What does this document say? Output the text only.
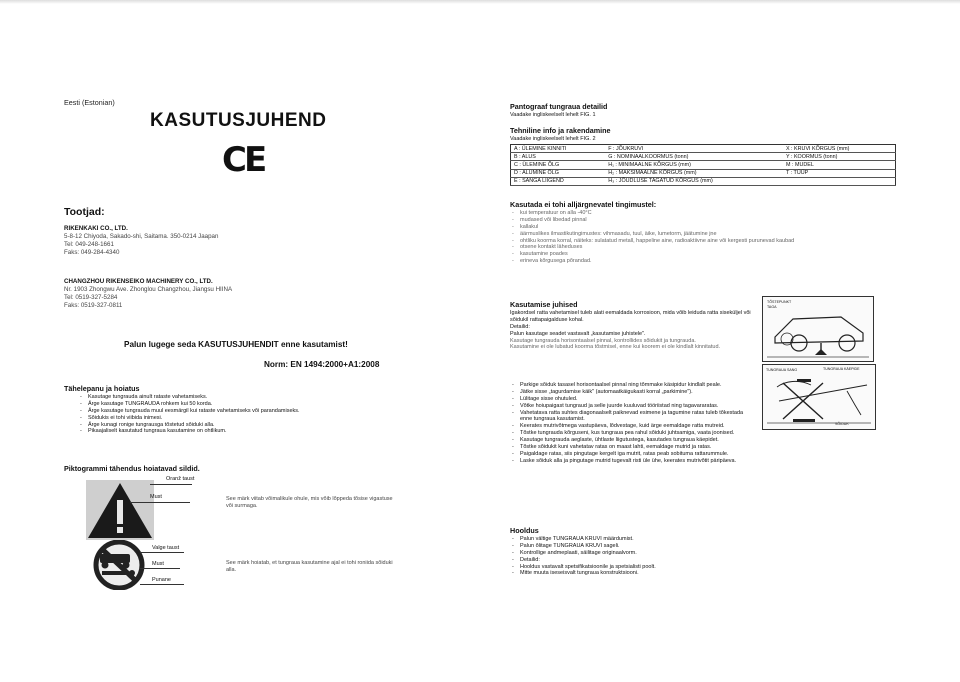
Eesti (Estonian)
KASUTUSJUHEND
CE
Tootjad:
RIKENKAKI CO., LTD.
5-8-12 Chiyoda, Sakado-shi, Saitama. 350-0214 Jaapan
Tel: 049-248-1661
Faks: 049-284-4340
CHANGZHOU RIKENSEIKO MACHINERY CO., LTD.
Nr. 1903 Zhongwu Ave. Zhonglou Changzhou, Jiangsu HIINA
Tel: 0519-327-5284
Faks: 0519-327-0811
Palun lugege seda KASUTUSJUHENDIT enne kasutamist!
Norm: EN 1494:2000+A1:2008
Tähelepanu ja hoiatus
- Kasutage tungrauda ainult rataste vahetamiseks.
- Ärge kasutage TUNGRAUDA rohkem kui 50 korda.
- Ärge kasutage tungrauda muul eesmärgil kui rataste vahetamiseks või parandamiseks.
- Sõidukis ei tohi viibida inimesi.
- Ärge kunagi ronige tungrausga tõstetud sõiduki alla.
- Pikaajaliselt kasutatud tungraua kasutamine on ohtlikum.
Piktogrammi tähendus hoiatavad sildid.
Oranž taust
Must	See märk viitab võimalikule ohule, mis võib lõppeda tõsise vigastuse või surmaga.
Valge taust
Must
Punane
See märk hoiatab, et tungraua kasutamine ajal ei tohi roniida sõiduki alla.
Pantograaf tungraua detailid
Vaadake ingliskeelselt lehelt FIG. 1
Tehniline info ja rakendamine
Vaadake ingliskeelselt lehelt FIG. 2
A : ÜLEMINE KINNITI	F : JÕUKRUVI	X : KRUVI KÕRGUS (mm)
B : ALUS	G : NOMINAALKOORMUS (tonn)	Y : KOORMUS (tonn)
C : ÜLEMINE ÕLG	H₁ : MINIMAALNE KÕRGUS (mm)	M : MUDEL
D : ALUMINE ÕLG	H₂ : MAKSIMAALNE KÕRGUS (mm)	T : TÜÜP
E : SANGA LIIGEND	H₃ : JÕUDLUSE TAGATUD KÕRGUS (mm)	
Kasutada ei tohi alljärgnevatel tingimustel:
- kui temperatuur on alla -40°C
- mudased või libedad pinnal
- kallakul
- äärmuslikes ilmastikutingimustes: vihmasadu, tuul, äike, lumetorm, jäätumine jne
- ohtliku koorma korral, näiteks: sulatatud metall, happeline aine, radioaktiivne aine või kergesti purunevad kaubad
- otsene kontakt läheduses
- kasutamine poades
- erineva kõrgusega põrandad.
Kasutamise juhised
Igakordsel ratta vahetamisel tuleb alati eemaldada korrosioon, mida võib leiduda ratta siseküljel või sõidukil rattapaigalduse kohal.
Detailid:
Palun kasutage seadet vastavalt „kasutamise juhistele".
Kasutage tungrauda horisontaalsel pinnal, kontrollides sõidukit ja tungrauda.
Kasutamine ei ole lubatud koorma tõstmisel, enne kui koorem ei ole kindlalt kinnitatud.
- Parkige sõiduk tasasel horisontaalsel pinnal ning tõmmake käsipidur kindlalt peale.
- Jätke sisse „tagurdamise käik" (automaatkäigukasti korral „parkimine").
- Lülitage sisse ohutuled.
- Võtke hoiupaigast tungraud ja selle juurde kuuluvad tööriistad ning tagavararatas.
- Vahetatava ratta suhtes diagonaalselt paiknevad esimene ja tagumine ratas tuleb tõkestada enne tungraua kasutamist.
- Keerates mutrivõtmega vastupäeva, lõdvestage, kuid ärge eemaldage ratta mutreid.
- Tõstke tungrauda kõrguseni, kus tungraua pea rahul sõiduki juhtsamiga, vaata joonised.
- Kasutage tungrauda aeglaste, ühtlaste liigutustega, kasutades tungraua käepidet.
- Tõstke sõidukit kuni vahetatav ratas on maast lahti, eemaldage mutrid ja ratas.
- Paigaldage ratas, siis pingutage kergelt iga mutrit, ratas peab sobituma rattarummule.
- Laske sõiduk alla ja pingutage mutrid tugevalt risti üle ühe, keerates mutrivõtit päripäeva.
TÕSTEPUNKT
TAGA
TUNGRAUA SANG	TUNGRAUA KÄEPIDE
SÕIDUK
Hooldus
- Palun vältige TUNGRAUA KRUVI määrdumist.
- Palun õlitage TUNGRAUA KRUVI sageli.
- Kontrollige andmeplaati, säilitage originaalvorm.
- Detailid:
- Hooldus vastavalt spetsifikatsioonile ja spetsialisti poolt.
- Mitte muuta iseseisvalt tungraua konstruktsiooni.
